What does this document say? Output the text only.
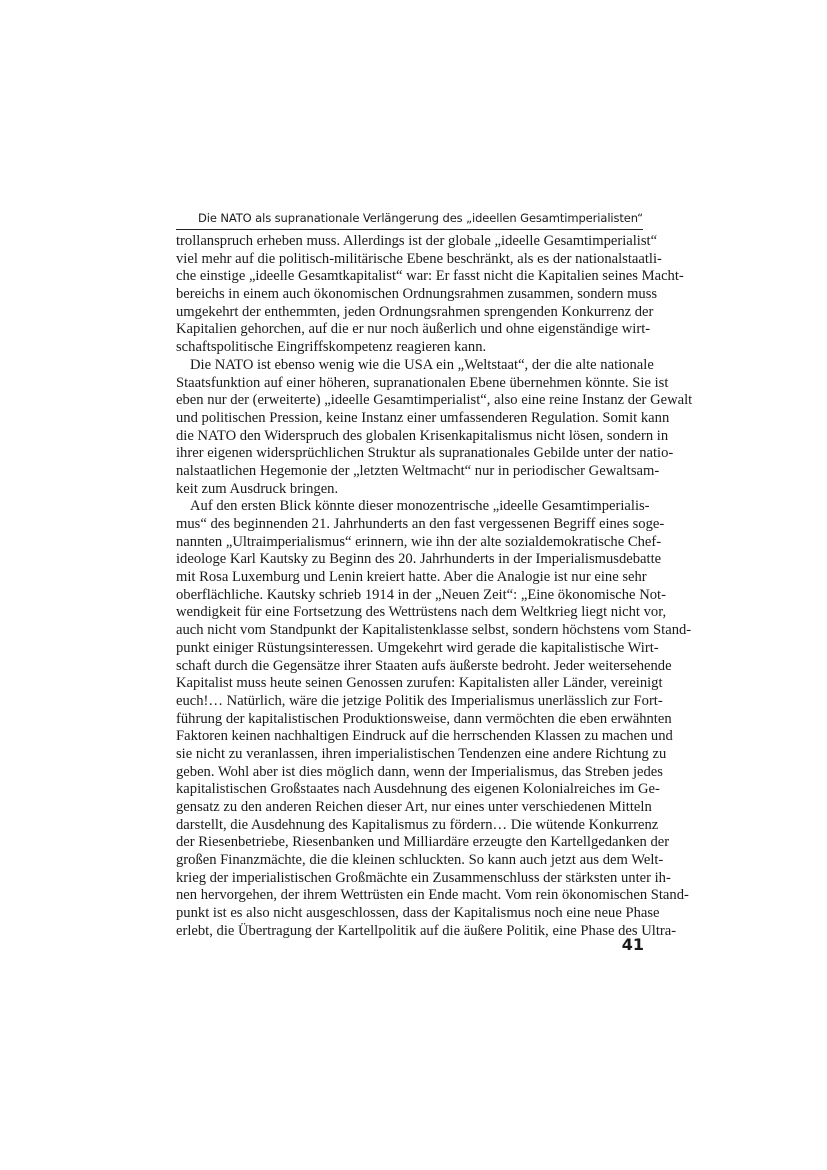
Die NATO als supranationale Verlängerung des „ideellen Gesamtimperialisten“

trollanspruch erheben muss. Allerdings ist der globale „ideelle Gesamtimperialist“
viel mehr auf die politisch-militärische Ebene beschränkt, als es der nationalstaatli-
che einstige „ideelle Gesamtkapitalist“ war: Er fasst nicht die Kapitalien seines Macht-
bereichs in einem auch ökonomischen Ordnungsrahmen zusammen, sondern muss
umgekehrt der enthemmten, jeden Ordnungsrahmen sprengenden Konkurrenz der
Kapitalien gehorchen, auf die er nur noch äußerlich und ohne eigenständige wirt-
schaftspolitische Eingriffskompetenz reagieren kann.

Die NATO ist ebenso wenig wie die USA ein „Weltstaat“, der die alte nationale
Staatsfunktion auf einer höheren, supranationalen Ebene übernehmen könnte. Sie ist
eben nur der (erweiterte) „ideelle Gesamtimperialist“, also eine reine Instanz der Gewalt
und politischen Pression, keine Instanz einer umfassenderen Regulation. Somit kann
die NATO den Widerspruch des globalen Krisenkapitalismus nicht lösen, sondern in
ihrer eigenen widersprüchlichen Struktur als supranationales Gebilde unter der natio-
nalstaatlichen Hegemonie der „letzten Weltmacht“ nur in periodischer Gewaltsam-
keit zum Ausdruck bringen.

Auf den ersten Blick könnte dieser monozentrische „ideelle Gesamtimperialis-
mus“ des beginnenden 21. Jahrhunderts an den fast vergessenen Begriff eines soge-
nannten „Ultraimperialismus“ erinnern, wie ihn der alte sozialdemokratische Chef-
ideologe Karl Kautsky zu Beginn des 20. Jahrhunderts in der Imperialismusdebatte
mit Rosa Luxemburg und Lenin kreiert hatte. Aber die Analogie ist nur eine sehr
oberflächliche. Kautsky schrieb 1914 in der „Neuen Zeit“: „Eine ökonomische Not-
wendigkeit für eine Fortsetzung des Wettrüstens nach dem Weltkrieg liegt nicht vor,
auch nicht vom Standpunkt der Kapitalistenklasse selbst, sondern höchstens vom Stand-
punkt einiger Rüstungsinteressen. Umgekehrt wird gerade die kapitalistische Wirt-
schaft durch die Gegensätze ihrer Staaten aufs äußerste bedroht. Jeder weitersehende
Kapitalist muss heute seinen Genossen zurufen: Kapitalisten aller Länder, vereinigt
euch!… Natürlich, wäre die jetzige Politik des Imperialismus unerlässlich zur Fort-
führung der kapitalistischen Produktionsweise, dann vermöchten die eben erwähnten
Faktoren keinen nachhaltigen Eindruck auf die herrschenden Klassen zu machen und
sie nicht zu veranlassen, ihren imperialistischen Tendenzen eine andere Richtung zu
geben. Wohl aber ist dies möglich dann, wenn der Imperialismus, das Streben jedes
kapitalistischen Großstaates nach Ausdehnung des eigenen Kolonialreiches im Ge-
gensatz zu den anderen Reichen dieser Art, nur eines unter verschiedenen Mitteln
darstellt, die Ausdehnung des Kapitalismus zu fördern… Die wütende Konkurrenz
der Riesenbetriebe, Riesenbanken und Milliardäre erzeugte den Kartellgedanken der
großen Finanzmächte, die die kleinen schluckten. So kann auch jetzt aus dem Welt-
krieg der imperialistischen Großmächte ein Zusammenschluss der stärksten unter ih-
nen hervorgehen, der ihrem Wettrüsten ein Ende macht. Vom rein ökonomischen Stand-
punkt ist es also nicht ausgeschlossen, dass der Kapitalismus noch eine neue Phase
erlebt, die Übertragung der Kartellpolitik auf die äußere Politik, eine Phase des Ultra-

41
